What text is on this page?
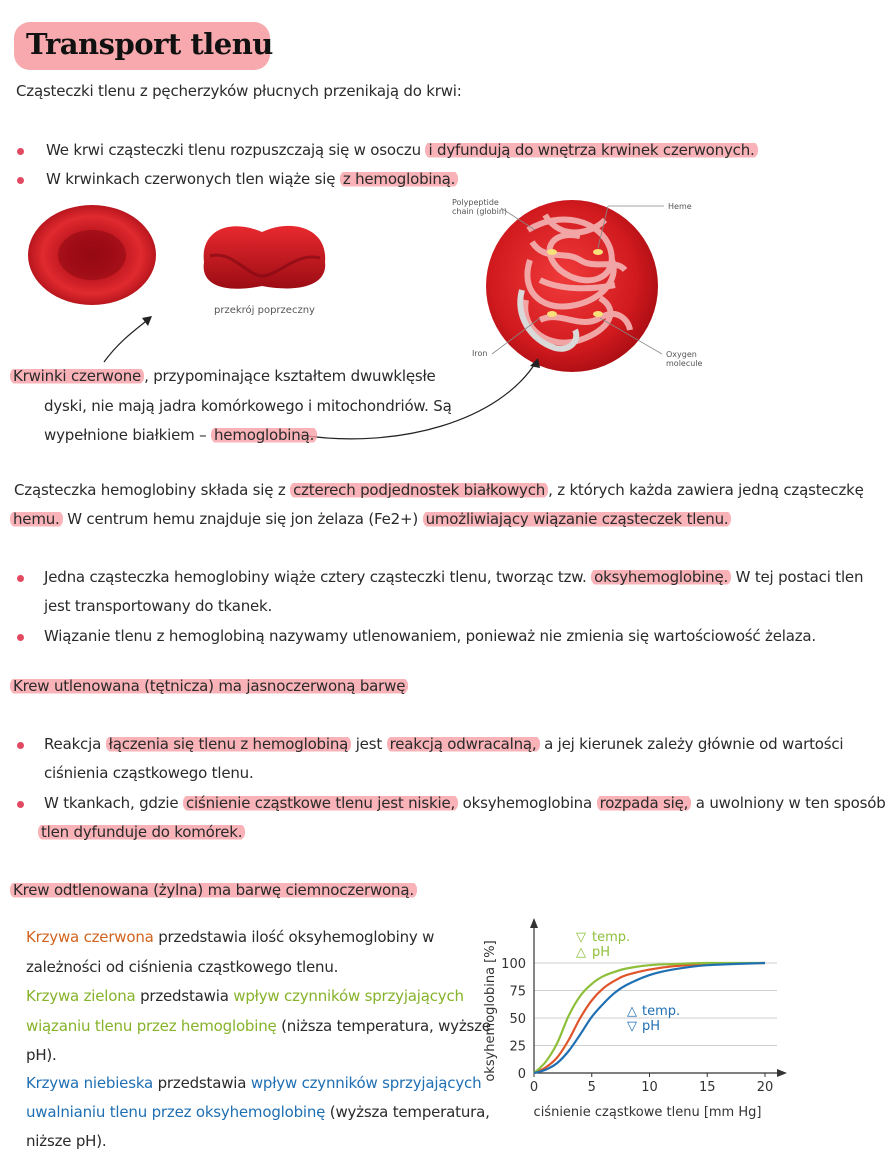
Transport tlenu
Cząsteczki tlenu z pęcherzyków płucnych przenikają do krwi:
We krwi cząsteczki tlenu rozpuszczają się w osoczu i dyfundują do wnętrza krwinek czerwonych.
W krwinkach czerwonych tlen wiąże się z hemoglobiną.
przekrój poprzeczny
Polypeptide
chain (globin)
Heme
Iron	Oxygen
molecule
Krwinki czerwone , przypominające kształtem dwuwklęsłe
dyski, nie mają jadra komórkowego i mitochondriów. Są
wypełnione białkiem – hemoglobiną.
Cząsteczka hemoglobiny składa się z czterech podjednostek białkowych , z których każda zawiera jedną cząsteczkę
hemu. W centrum hemu znajduje się jon żelaza (Fe2+) umożliwiający wiązanie cząsteczek tlenu.
Jedna cząsteczka hemoglobiny wiąże cztery cząsteczki tlenu, tworząc tzw. oksyhemoglobinę. W tej postaci tlen
jest transportowany do tkanek.
Wiązanie tlenu z hemoglobiną nazywamy utlenowaniem, ponieważ nie zmienia się wartościowość żelaza.
Krew utlenowana (tętnicza) ma jasnoczerwoną barwę
Reakcja łączenia się tlenu z hemoglobiną jest reakcją odwracalną, a jej kierunek zależy głównie od wartości
ciśnienia cząstkowego tlenu.
W tkankach, gdzie ciśnienie cząstkowe tlenu jest niskie, oksyhemoglobina rozpada się, a uwolniony w ten sposób
tlen dyfunduje do komórek.
Krew odtlenowana (żylna) ma barwę ciemnoczerwoną.
Krzywa czerwona przedstawia ilość oksyhemoglobiny w
zależności od ciśnienia cząstkowego tlenu.
Krzywa zielona przedstawia wpływ czynników sprzyjających
wiązaniu tlenu przez hemoglobinę (niższa temperatura, wyższe
pH).
Krzywa niebieska przedstawia wpływ czynników sprzyjających
uwalnianiu tlenu przez oksyhemoglobinę (wyższa temperatura,
niższe pH).
0
25
50
75
100
0	5	10	15	20
ciśnienie cząstkowe tlenu [mm Hg]
oksyhemoglobina [%]
▽ temp.
△ pH
△ temp.
▽ pH
